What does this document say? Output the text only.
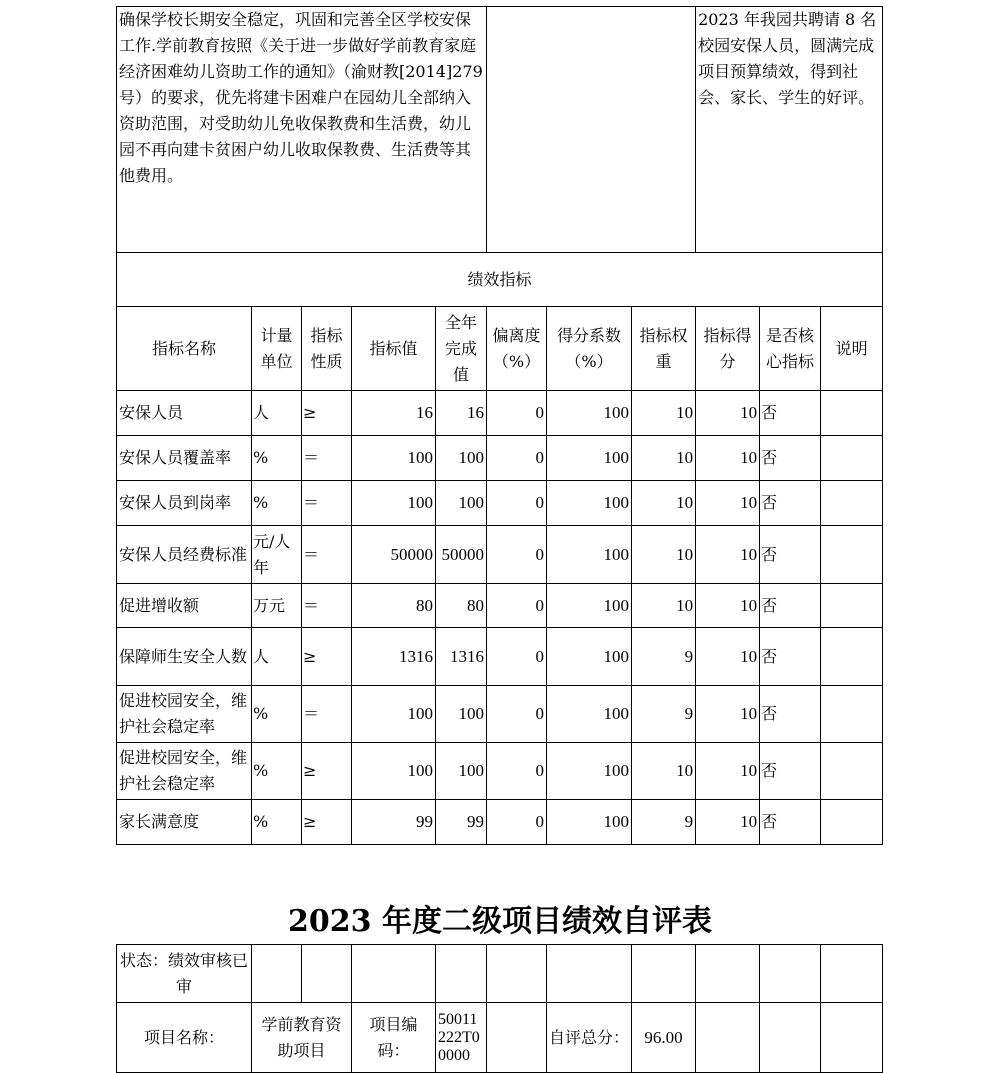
确保学校长期安全稳定，巩固和完善全区学校安保工作.学前教育按照《关于进一步做好学前教育家庭经济困难幼儿资助工作的通知》（渝财教[2014]279号）的要求，优先将建卡困难户在园幼儿全部纳入资助范围，对受助幼儿免收保教费和生活费，幼儿园不再向建卡贫困户幼儿收取保教费、生活费等其他费用。								2023 年我园共聘请 8 名校园安保人员，圆满完成项目预算绩效，得到社会、家长、学生的好评。		
绩效指标										
指标名称	计量单位	指标性质	指标值	全年完成值	偏离度（%）	得分系数（%）	指标权重	指标得分	是否核心指标	说明
安保人员	人	≥	16	16	0	100	10	10	否	
安保人员覆盖率	%	＝	100	100	0	100	10	10	否	
安保人员到岗率	%	＝	100	100	0	100	10	10	否	
安保人员经费标准	元/人年	＝	50000	50000	0	100	10	10	否	
促进增收额	万元	＝	80	80	0	100	10	10	否	
保障师生安全人数	人	≥	1316	1316	0	100	9	10	否	
促进校园安全，维护社会稳定率	%	＝	100	100	0	100	9	10	否	
促进校园安全，维护社会稳定率	%	≥	100	100	0	100	10	10	否	
家长满意度	%	≥	99	99	0	100	9	10	否	
2023 年度二级项目绩效自评表
状态：绩效审核已审										
项目名称：	学前教育资助项目		项目编码：	50011222T00000		自评总分：	96.00			
